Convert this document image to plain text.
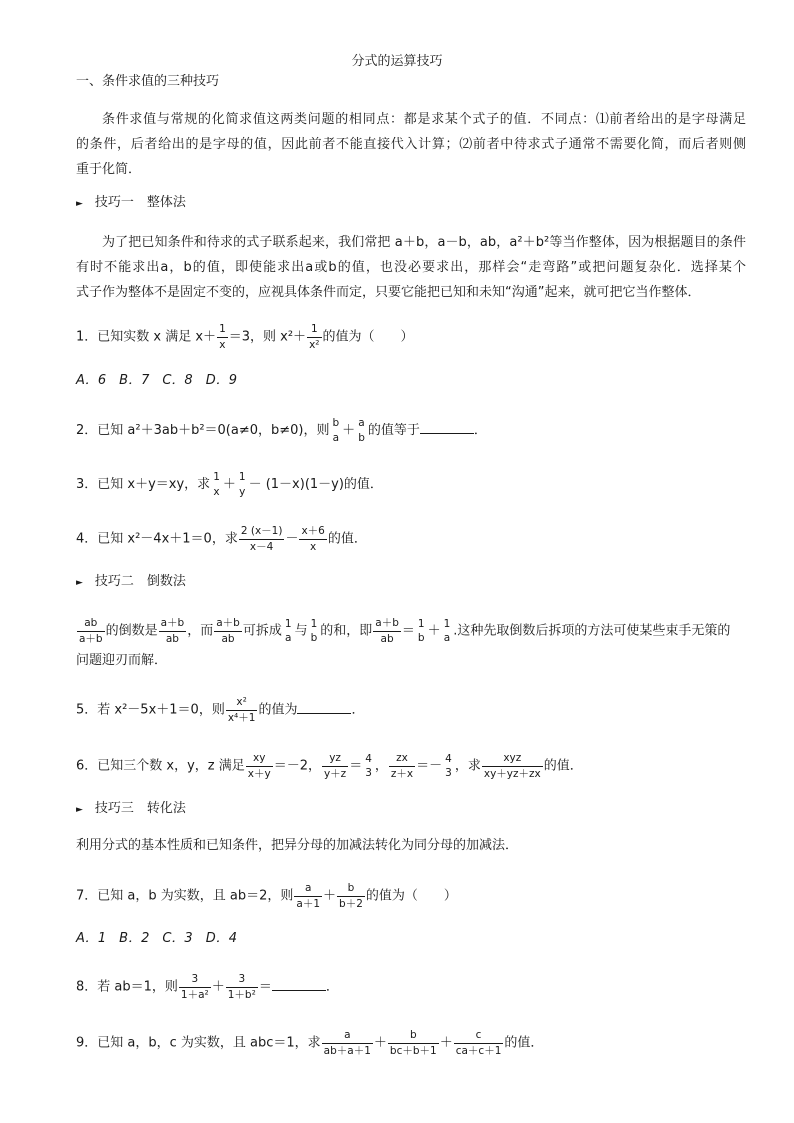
分式的运算技巧
一、条件求值的三种技巧

条件求值与常规的化简求值这两类问题的相同点：都是求某个式子的值．不同点：⑴前者给出的是字母满足

的条件，后者给出的是字母的值，因此前者不能直接代入计算；⑵前者中待求式子通常不需要化简，而后者则侧

重于化简．

► 技巧一　整体法

为了把已知条件和待求的式子联系起来，我们常把 a＋b，a－b，ab，a²＋b²等当作整体，因为根据题目的条件

有时不能求出a，b的值，即使能求出a或b的值，也没必要求出，那样会“走弯路”或把问题复杂化．选择某个

式子作为整体不是固定不变的，应视具体条件而定，只要它能把已知和未知“沟通”起来，就可把它当作整体．

1．已知实数 x 满足 $x+ \frac{1}{x} =3$，则 $x^2+ \frac{1}{\text{x²}}$ 的值为（　　）
A．6　B．7　C．8　D．9
2．已知 a²＋3ab＋b²＝0(a≠0，b≠0)，则 b
a ＋ a
b 的值等于	．
3．已知 x＋y＝xy，求 1
x ＋ 1
y － (1－x)(1－y)的值．
4．已知 x²－4x＋1＝0，求 $\frac{2 (x-1)}{x-4} - \frac{x+6}{x}$ 的值．
► 技巧二　倒数法
$\frac{ab}{a+b}$ 的倒数是 $\frac{a+b}{ab}$ ，而 $\frac{a+b}{ab}$ 可拆成 1
a 与 1
b 的和，即 $\frac{a+b}{ab} = 1$
b ＋ 1
a .这种先取倒数后拆项的方法可使某些束手无策的
问题迎刃而解．
5．若 x²－5x＋1＝0，则 $\frac{\text{x²}}{\text{x⁴＋1}}$ 的值为	．
6．已知三个数 x，y，z 满足 $\frac{xy}{x+y} =-2$， $\frac{yz}{y+z} = 4$
3 ， $\frac{zx}{z+x} =- 4$
3 ，求 $\frac{\text{xyz}}{xy+yz+zx}$ 的值．
► 技巧三　转化法
利用分式的基本性质和已知条件，把异分母的加减法转化为同分母的加减法．
7．已知 a，b 为实数，且 ab＝2，则 $\frac{a}{a+1} + \frac{b}{b+2}$ 的值为（　　）
A．1　B．2　C．3　D．4
8．若 ab＝1，则 $\frac{3}{\text{1＋a²}} + \frac{3}{\text{1＋b²}}$ ＝	．
9．已知 a，b，c 为实数，且 abc＝1，求 $\frac{a}{ab+a+1} + \frac{b}{bc+b+1} + \frac{c}{ca+c+1}$ 的值．
